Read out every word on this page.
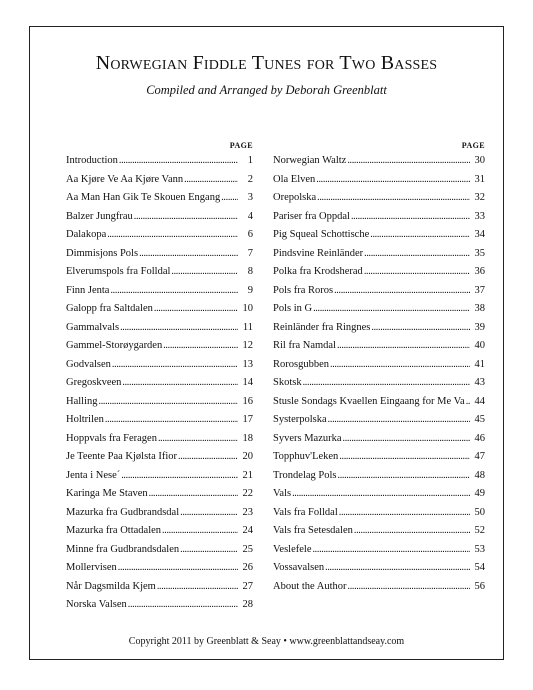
Norwegian Fiddle Tunes for Two Basses
Compiled and Arranged by Deborah Greenblatt
PAGE
Introduction . . .	1
Aa Kjøre Ve Aa Kjøre Vann . . .	2
Aa Man Han Gik Te Skouen Engang . . .	3
Balzer Jungfrau . . .	4
Dalakopa . . .	6
Dimmisjons Pols . . .	7
Elverumspols fra Folldal . . .	8
Finn Jenta . . .	9
Galopp fra Saltdalen . . .	10
Gammalvals . . .	11
Gammel-Storøygarden . . .	12
Godvalsen . . .	13
Gregoskveen . . .	14
Halling . . .	16
Holtrilen . . .	17
Hoppvals fra Feragen . . .	18
Je Teente Paa Kjølsta Ifior . . .	20
Jenta i Nese´ . . .	21
Karinga Me Staven . . .	22
Mazurka fra Gudbrandsdal . . .	23
Mazurka fra Ottadalen . . .	24
Minne fra Gudbrandsdalen . . .	25
Mollervisen . . .	26
Når Dagsmilda Kjem . . .	27
Norska Valsen . . .	28
PAGE
Norwegian Waltz . . .	30
Ola Elven . . .	31
Orepolska . . .	32
Pariser fra Oppdal . . .	33
Pig Squeal Schottische . . .	34
Pindsvine Reinländer . . .	35
Polka fra Krodsherad . . .	36
Pols fra Roros . . .	37
Pols in G . . .	38
Reinländer fra Ringnes . . .	39
Ril fra Namdal . . .	40
Rorosgubben . . .	41
Skotsk . . .	43
Stusle Sondags Kvaellen Eingaang for Me Va . . . 44
Systerpolska . . .	45
Syvers Mazurka . . .	46
Topphuv'Leken . . .	47
Trondelag Pols . . .	48
Vals . . .	49
Vals fra Folldal . . .	50
Vals fra Setesdalen . . .	52
Veslefele . . .	53
Vossavalsen . . .	54
About the Author . . .	56
Copyright 2011 by Greenblatt & Seay • www.greenblattandseay.com
